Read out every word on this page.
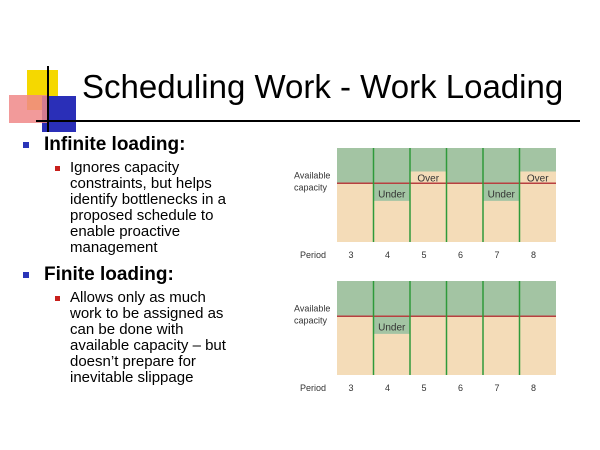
Scheduling Work - Work Loading
Infinite loading:
Ignores capacity
constraints, but helps
identify bottlenecks in a
proposed schedule to
enable proactive
management
Finite loading:
Allows only as much
work to be assigned as
can be done with
available capacity – but
doesn’t prepare for
inevitable slippage
Under
Over
Under
Over
Available
capacity
Period 3	4	5	6	7	8
Under
Available
capacity
Period 3	4	5	6	7	8
